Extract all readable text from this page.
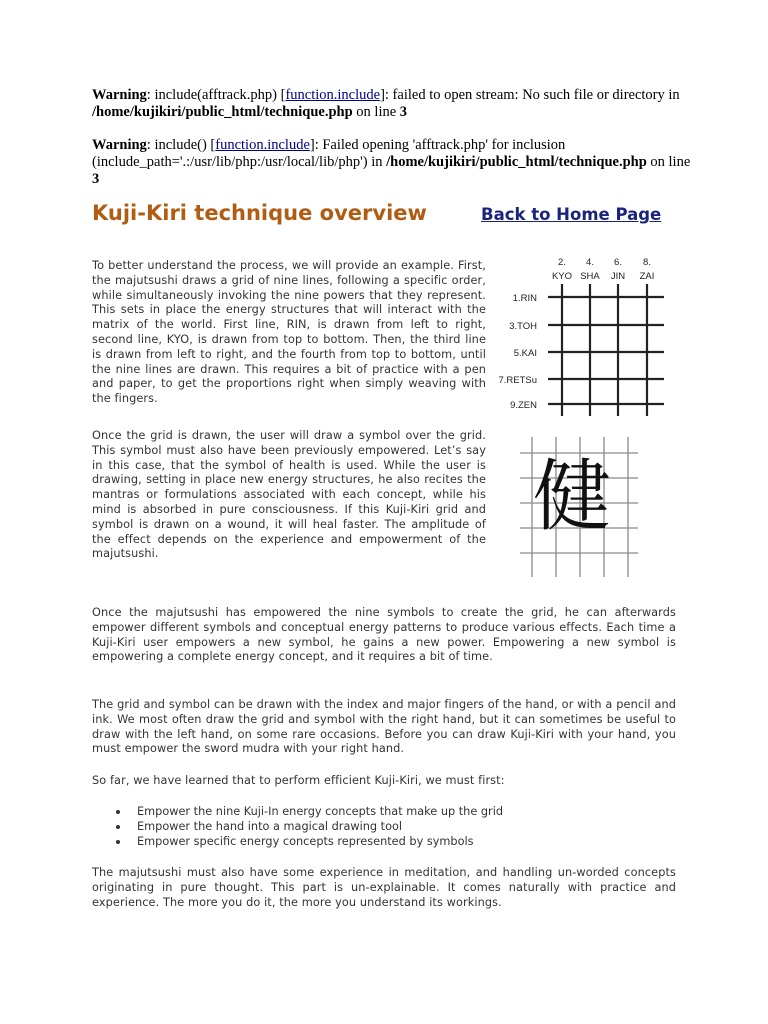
Warning: include(afftrack.php) [function.include]: failed to open stream: No such file or directory in /home/kujikiri/public_html/technique.php on line 3
Warning: include() [function.include]: Failed opening 'afftrack.php' for inclusion (include_path='.:/usr/lib/php:/usr/local/lib/php') in /home/kujikiri/public_html/technique.php on line 3
Kuji-Kiri technique overview	Back to Home Page

To better understand the process, we will provide an example. First, the majutsushi draws a grid of nine lines, following a specific order, while simultaneously invoking the nine powers that they represent. This sets in place the energy structures that will interact with the matrix of the world. First line, RIN, is drawn from left to right, second line, KYO, is drawn from top to bottom. Then, the third line is drawn from left to right, and the fourth from top to bottom, until the nine lines are drawn. This requires a bit of practice with a pen and paper, to get the proportions right when simply weaving with the fingers.

Once the grid is drawn, the user will draw a symbol over the grid. This symbol must also have been previously empowered. Let’s say in this case, that the symbol of health is used. While the user is drawing, setting in place new energy structures, he also recites the mantras or formulations associated with each concept, while his mind is absorbed in pure consciousness. If this Kuji-Kiri grid and symbol is drawn on a wound, it will heal faster. The amplitude of the effect depends on the experience and empowerment of the majutsushi.

Once the majutsushi has empowered the nine symbols to create the grid, he can afterwards empower different symbols and conceptual energy patterns to produce various effects. Each time a Kuji-Kiri user empowers a new symbol, he gains a new power. Empowering a new symbol is empowering a complete energy concept, and it requires a bit of time.

The grid and symbol can be drawn with the index and major fingers of the hand, or with a pencil and ink. We most often draw the grid and symbol with the right hand, but it can sometimes be useful to draw with the left hand, on some rare occasions. Before you can draw Kuji-Kiri with your hand, you must empower the sword mudra with your right hand.

So far, we have learned that to perform efficient Kuji-Kiri, we must first:

Empower the nine Kuji-In energy concepts that make up the grid
Empower the hand into a magical drawing tool
Empower specific energy concepts represented by symbols

The majutsushi must also have some experience in meditation, and handling un-worded concepts originating in pure thought. This part is un-explainable. It comes naturally with practice and experience. The more you do it, the more you understand its workings.

2. 4. 6. 8.
KYO SHA JIN ZAI
1.RIN
3.TOH
5.KAI
7.RETSu
9.ZEN
健
